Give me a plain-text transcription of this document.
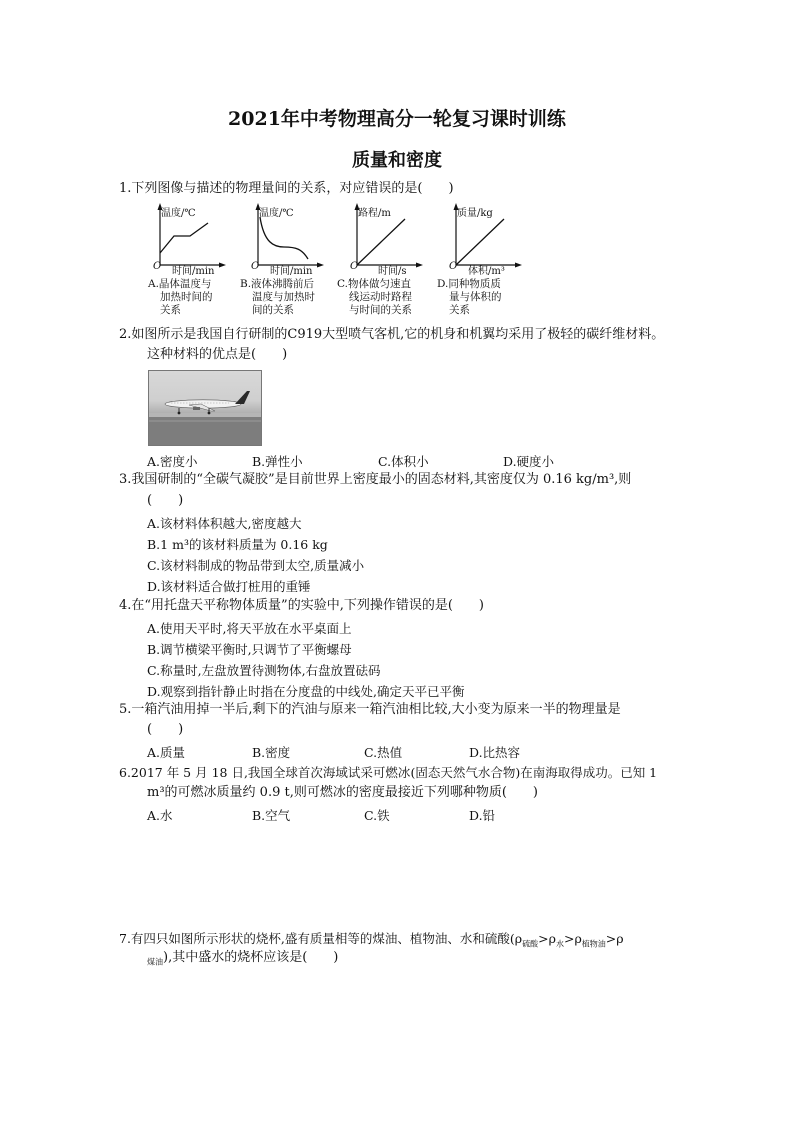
2021年中考物理高分一轮复习课时训练
质量和密度
1.下列图像与描述的物理量间的关系，对应错误的是(　　)
温度/℃
O 时间/min
A.晶体温度与
加热时间的
关系
温度/℃
O 时间/min
B.液体沸腾前后
温度与加热时
间的关系
路程/m
O 时间/s
C.物体做匀速直
线运动时路程
与时间的关系
质量/kg
O 体积/m³
D.同种物质质
量与体积的
关系
2.如图所示是我国自行研制的C919大型喷气客机,它的机身和机翼均采用了极轻的碳纤维材料。
这种材料的优点是(　　)
A.密度小	B.弹性小	C.体积小	D.硬度小
3.我国研制的“全碳气凝胶”是目前世界上密度最小的固态材料,其密度仅为 0.16 kg/m³,则
(　　)
A.该材料体积越大,密度越大
B.1 m³的该材料质量为 0.16 kg
C.该材料制成的物品带到太空,质量减小
D.该材料适合做打桩用的重锤
4.在“用托盘天平称物体质量”的实验中,下列操作错误的是(　　)
A.使用天平时,将天平放在水平桌面上
B.调节横梁平衡时,只调节了平衡螺母
C.称量时,左盘放置待测物体,右盘放置砝码
D.观察到指针静止时指在分度盘的中线处,确定天平已平衡
5.一箱汽油用掉一半后,剩下的汽油与原来一箱汽油相比较,大小变为原来一半的物理量是
(　　)
A.质量	B.密度	C.热值	D.比热容
6.2017 年 5 月 18 日,我国全球首次海域试采可燃冰(固态天然气水合物)在南海取得成功。已知 1
m³的可燃冰质量约 0.9 t,则可燃冰的密度最接近下列哪种物质(　　)
A.水	B.空气	C.铁	D.铅
7.有四只如图所示形状的烧杯,盛有质量相等的煤油、植物油、水和硫酸($\rho_{硫酸}>\rho_水>\rho_{植物油}>\rho$
$_{煤油}$),其中盛水的烧杯应该是(　　)
